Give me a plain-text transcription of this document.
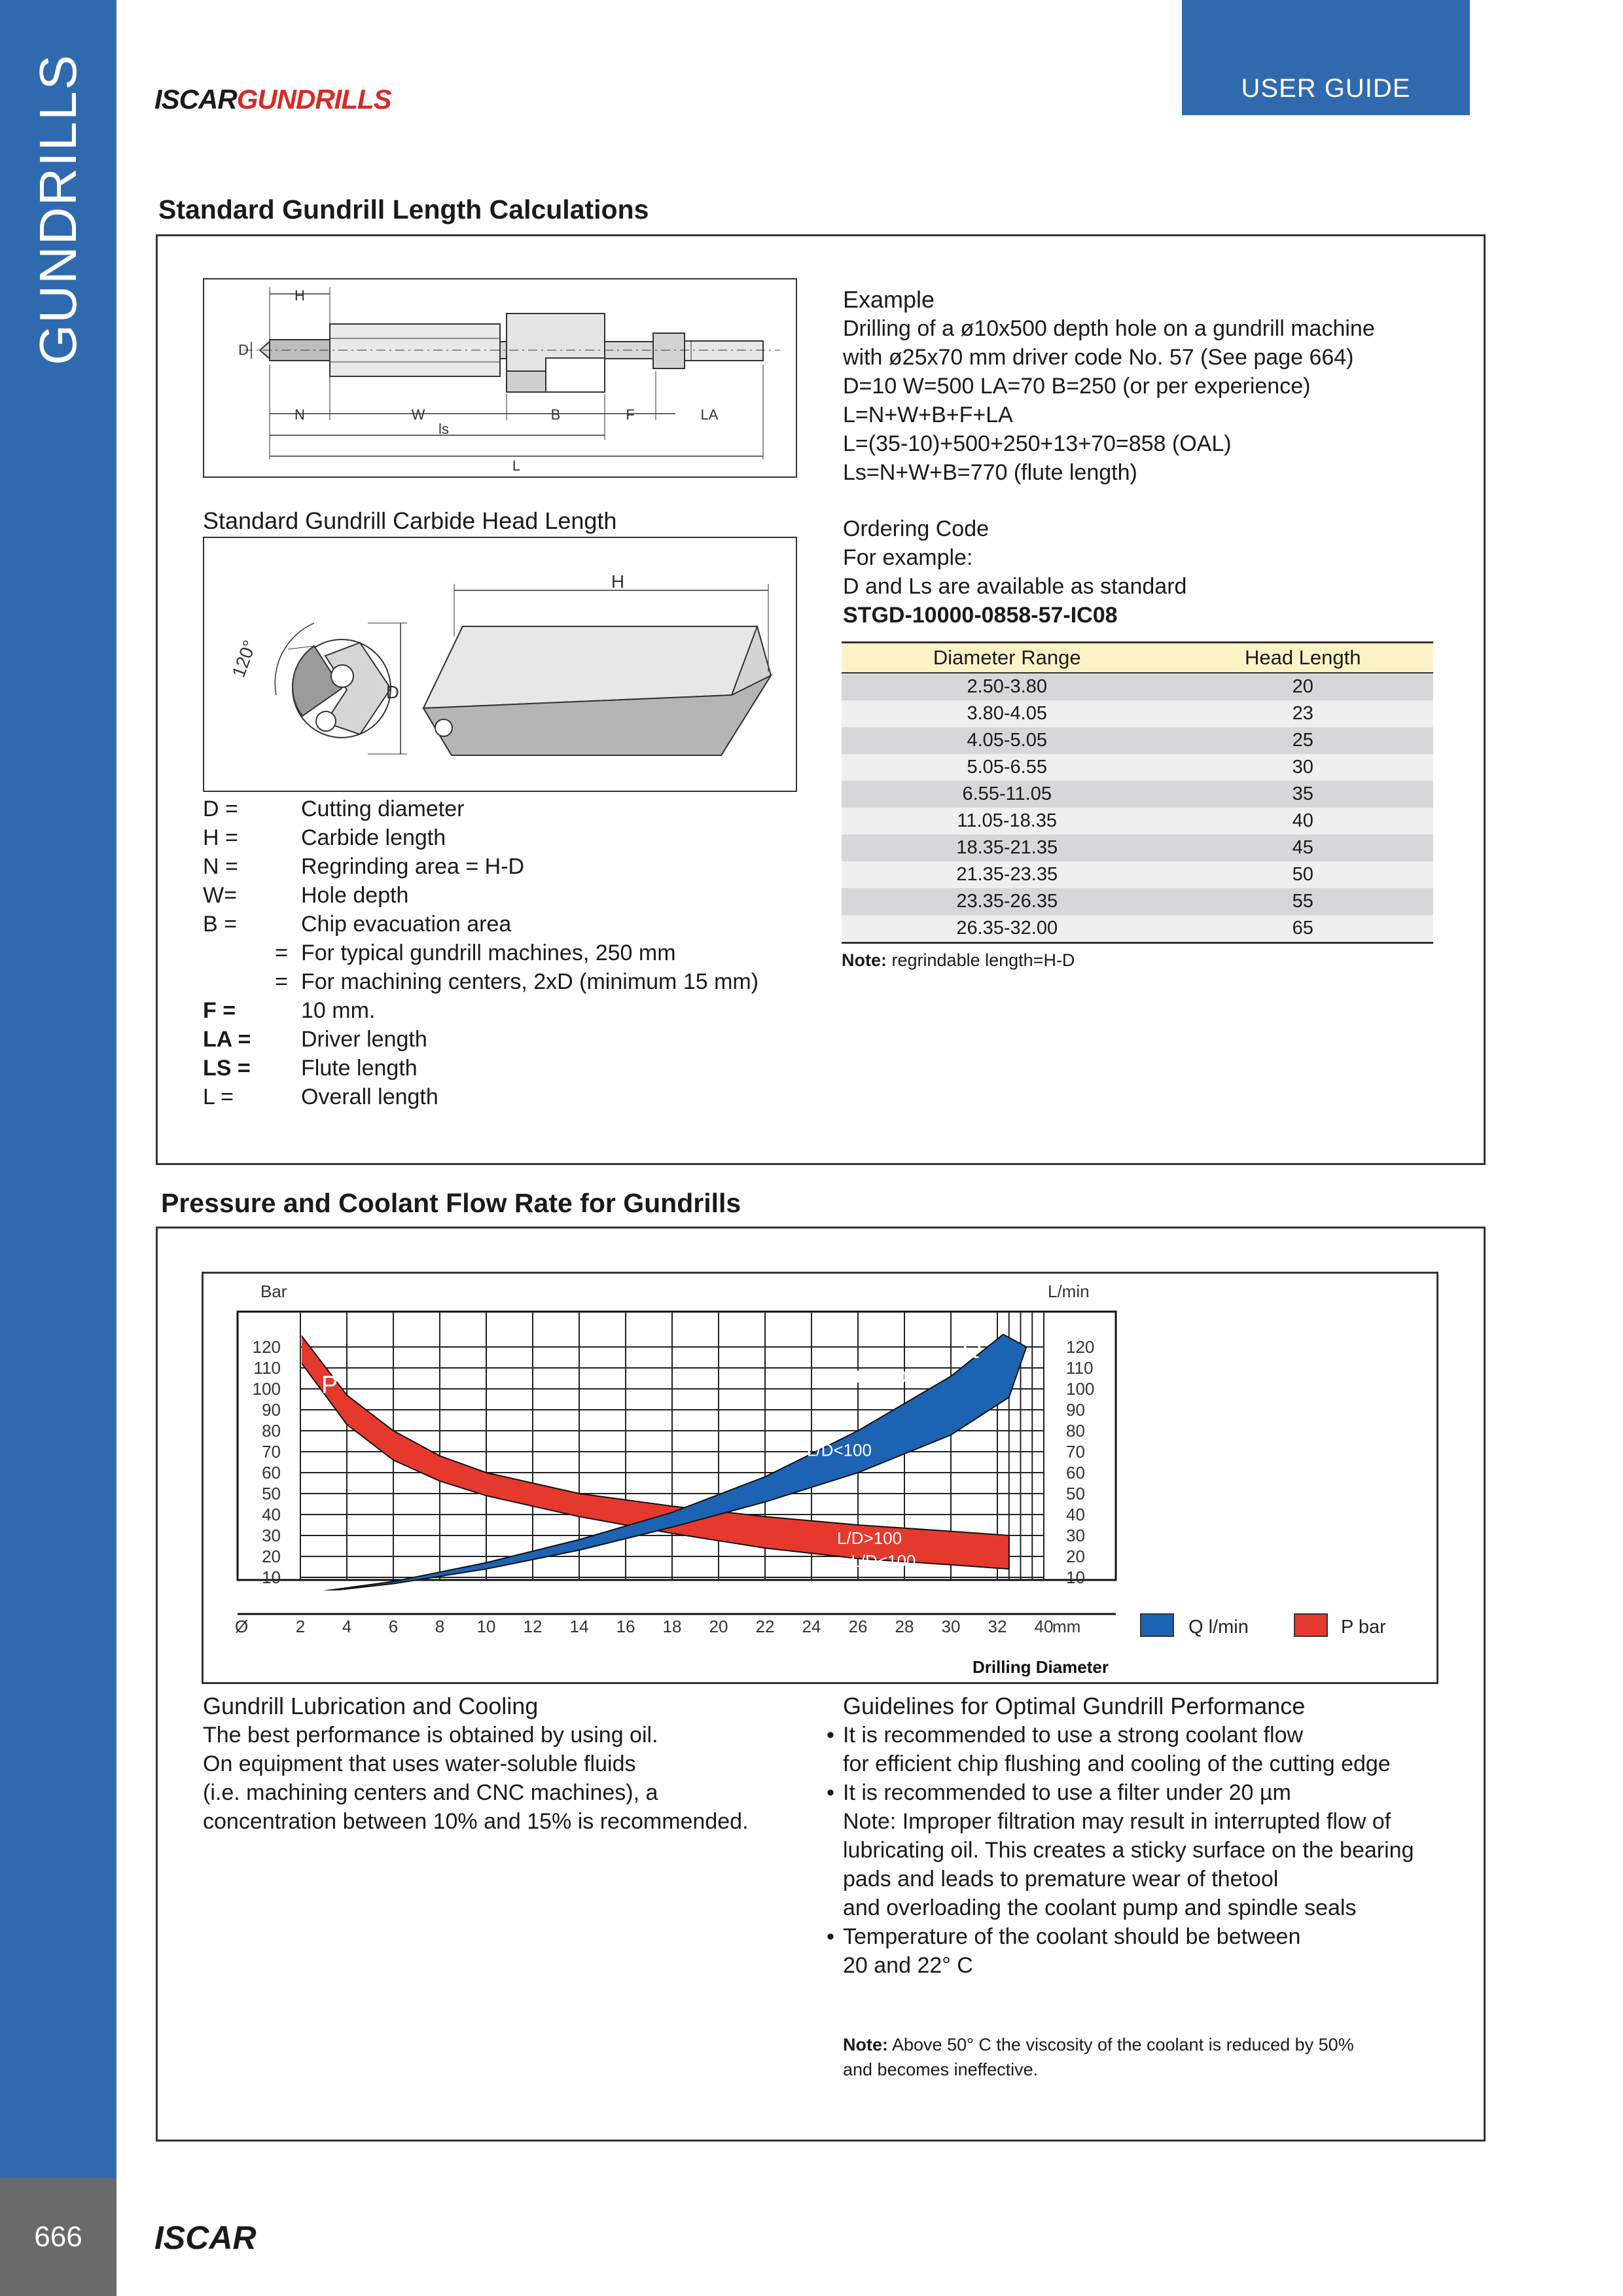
GUNDRILLS
666
USER GUIDE
ISCARGUNDRILLS
Standard Gundrill Length Calculations
H
D
N	W	B	F	LA
ls
L
Example
Drilling of a ø10x500 depth hole on a gundrill machine
with ø25x70 mm driver code No. 57 (See page 664)
D=10 W=500 LA=70 B=250 (or per experience)
L=N+W+B+F+LA
L=(35-10)+500+250+13+70=858 (OAL)
Ls=N+W+B=770 (flute length)
Standard Gundrill Carbide Head Length
120°
D
H
D =	Cutting diameter
H =	Carbide length
N =	Regrinding area = H-D
W=	Hole depth
B =	Chip evacuation area
= For typical gundrill machines, 250 mm
= For machining centers, 2xD (minimum 15 mm)
F =	10 mm.
LA = Driver length
LS = Flute length
L =	Overall length
Ordering Code
For example:
D and Ls are available as standard
STGD-10000-0858-57-IC08
Diameter Range	Head Length
2.50-3.80	20
3.80-4.05	23
4.05-5.05	25
5.05-6.55	30
6.55-11.05	35
11.05-18.35	40
18.35-21.35	45
21.35-23.35	50
23.35-26.35	55
26.35-32.00	65
Note: regrindable length=H-D
Pressure and Coolant Flow Rate for Gundrills
Q
P	L/D>100
L/D<100
L/D>100
L/D<100
10	10
20	20
30	30
40	40
50	50
60	60
70	70
80	80
90	90
100	100
110	110
120	120
2 4 6 8 10 12 14 16 18 20 22 24 26 28 30 32 40
Bar	L/min
Ø	mm
Drilling Diameter
Q l/min	P bar
Gundrill Lubrication and Cooling
The best performance is obtained by using oil.
On equipment that uses water-soluble fluids
(i.e. machining centers and CNC machines), a
concentration between 10% and 15% is recommended.
Guidelines for Optimal Gundrill Performance
• It is recommended to use a strong coolant flow
for efficient chip flushing and cooling of the cutting edge
• It is recommended to use a filter under 20 µm
Note: Improper filtration may result in interrupted flow of
lubricating oil. This creates a sticky surface on the bearing
pads and leads to premature wear of thetool
and overloading the coolant pump and spindle seals
• Temperature of the coolant should be between
20 and 22° C
Note: Above 50° C the viscosity of the coolant is reduced by 50%
and becomes ineffective.
ISCAR
